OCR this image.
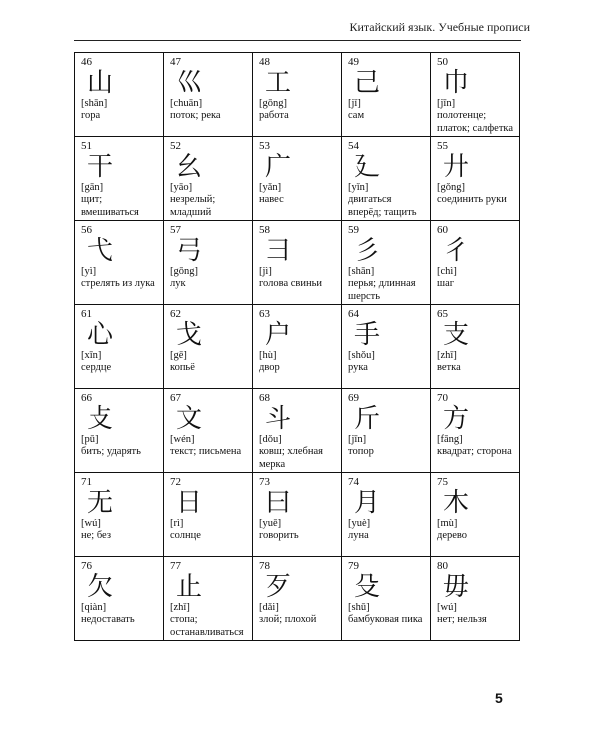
Китайский язык. Учебные прописи
46
山
[shān]
гора
47
巛
[chuān]
поток; река
48
工
[gōng]
работа
49
己
[jǐ]
сам
50
巾
[jīn]
полотенце; платок; салфетка
51
干
[gān]
щит; вмешиваться
52
幺
[yāo]
незрелый; младший
53
广
[yǎn]
навес
54
廴
[yǐn]
двигаться вперёд; тащить
55
廾
[gǒng]
соединить руки
56
弋
[yì]
стрелять из лука
57
弓
[gōng]
лук
58
彐
[jì]
голова свиньи
59
彡
[shān]
перья; длинная шерсть
60
彳
[chì]
шаг
61
心
[xīn]
сердце
62
戈
[gē]
копьё
63
户
[hù]
двор
64
手
[shǒu]
рука
65
支
[zhī]
ветка
66
攴
[pū]
бить; ударять
67
文
[wén]
текст; письмена
68
斗
[dǒu]
ковш; хлебная мерка
69
斤
[jīn]
топор
70
方
[fāng]
квадрат; сторона
71
无
[wú]
не; без
72
日
[rì]
солнце
73
曰
[yuē]
говорить
74
月
[yuè]
луна
75
木
[mù]
дерево
76
欠
[qiàn]
недоставать
77
止
[zhǐ]
стопа; останавливаться
78
歹
[dǎi]
злой; плохой
79
殳
[shū]
бамбуковая пика
80
毋
[wú]
нет; нельзя
5
